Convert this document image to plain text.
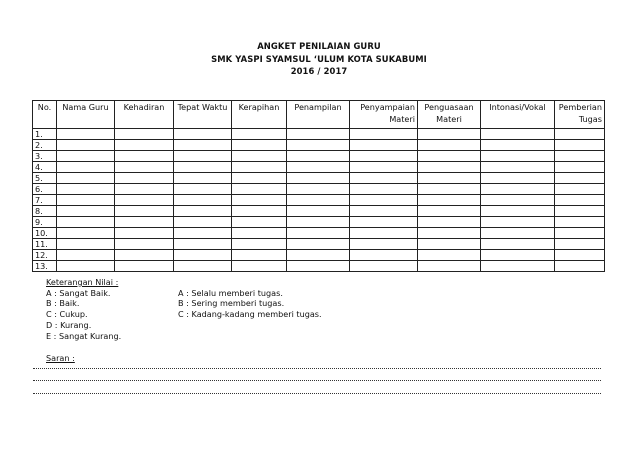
ANGKET PENILAIAN GURU
SMK YASPI SYAMSUL ‘ULUM KOTA SUKABUMI
2016 / 2017
No.	Nama Guru	Kehadiran	Tepat Waktu	Kerapihan	Penampilan	Penyampaian Materi	Penguasaan Materi	Intonasi/Vokal	Pemberian Tugas
1.									
2.									
3.									
4.									
5.									
6.									
7.									
8.									
9.									
10.									
11.									
12.									
13.									
Keterangan Nilai :
A : Sangat Baik.
B : Baik.
C : Cukup.
D : Kurang.
E : Sangat Kurang.
A : Selalu memberi tugas.
B : Sering memberi tugas.
C : Kadang-kadang memberi tugas.
Saran :
